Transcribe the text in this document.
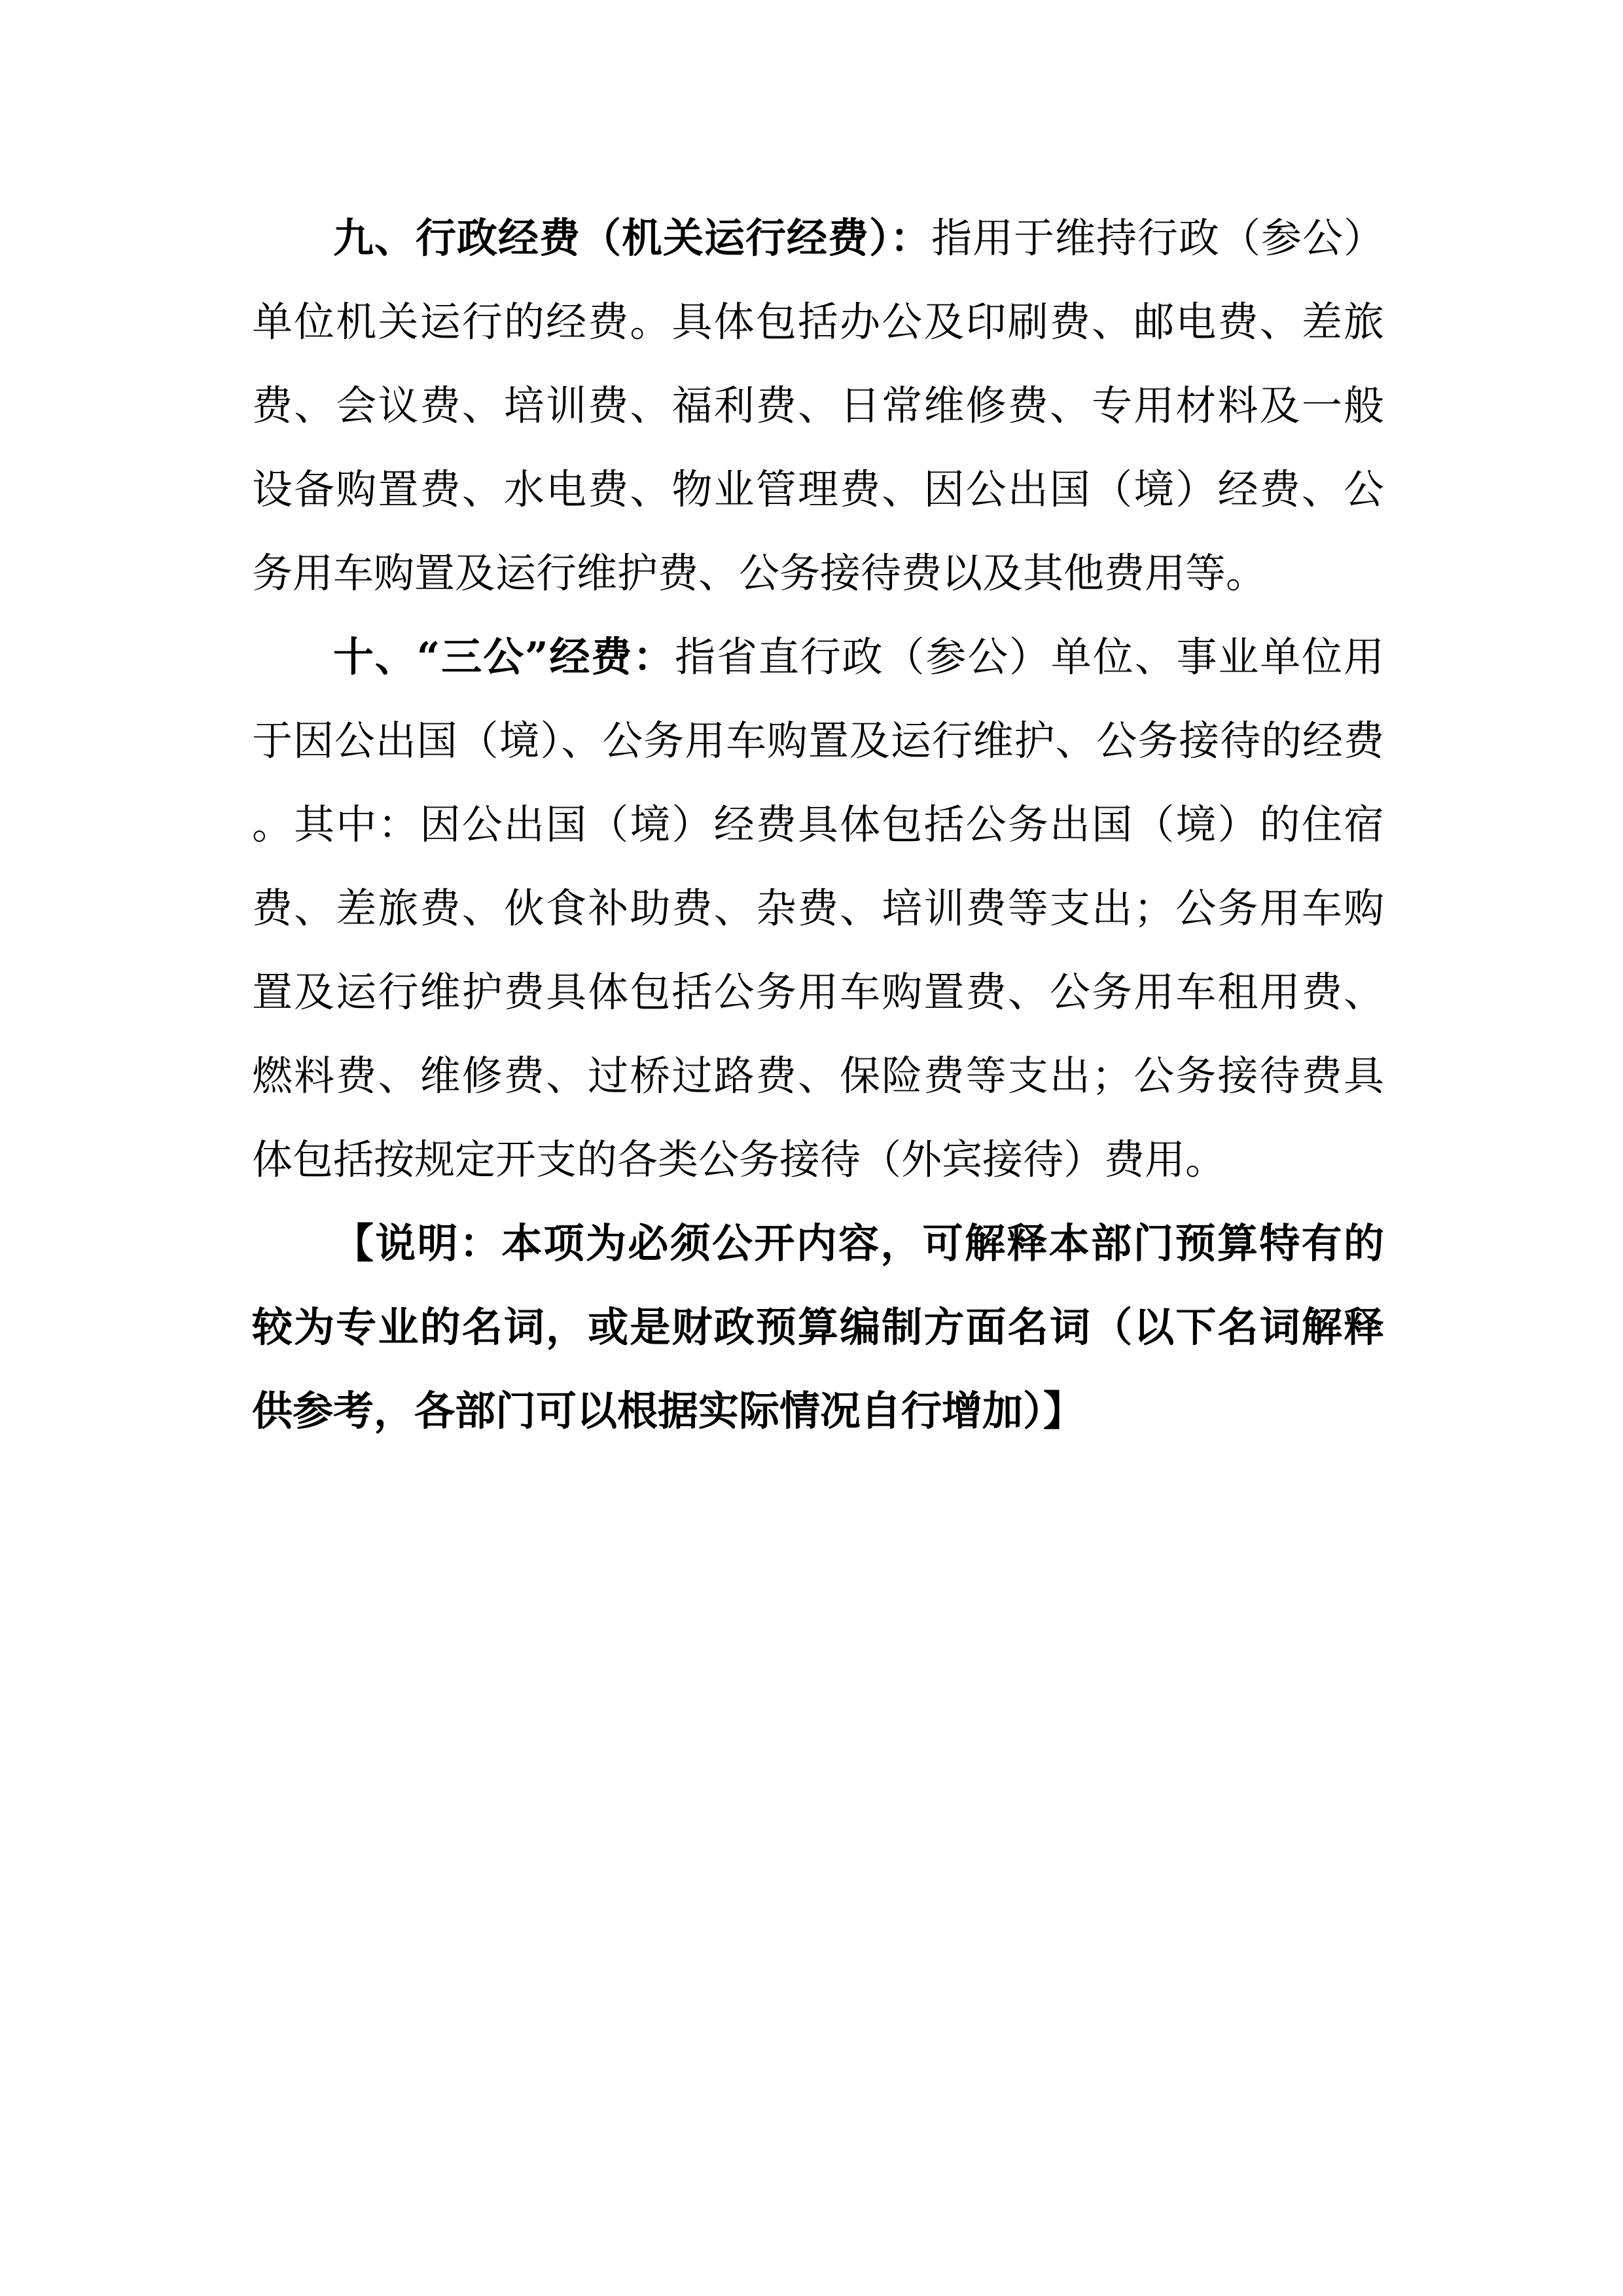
九、行政经费（机关运行经费）：指用于维持行政（参公）单位机关运行的经费。具体包括办公及印刷费、邮电费、差旅费、会议费、培训费、福利费、日常维修费、专用材料及一般设备购置费、水电费、物业管理费、因公出国（境）经费、公务用车购置及运行维护费、公务接待费以及其他费用等。

十、“三公”经费：指省直行政（参公）单位、事业单位用于因公出国（境）、公务用车购置及运行维护、公务接待的经费。其中：因公出国（境）经费具体包括公务出国（境）的住宿费、差旅费、伙食补助费、杂费、培训费等支出；公务用车购置及运行维护费具体包括公务用车购置费、公务用车租用费、燃料费、维修费、过桥过路费、保险费等支出；公务接待费具体包括按规定开支的各类公务接待（外宾接待）费用。

【说明：本项为必须公开内容，可解释本部门预算特有的较为专业的名词，或是财政预算编制方面名词（以下名词解释供参考，各部门可以根据实际情况自行增加）】
